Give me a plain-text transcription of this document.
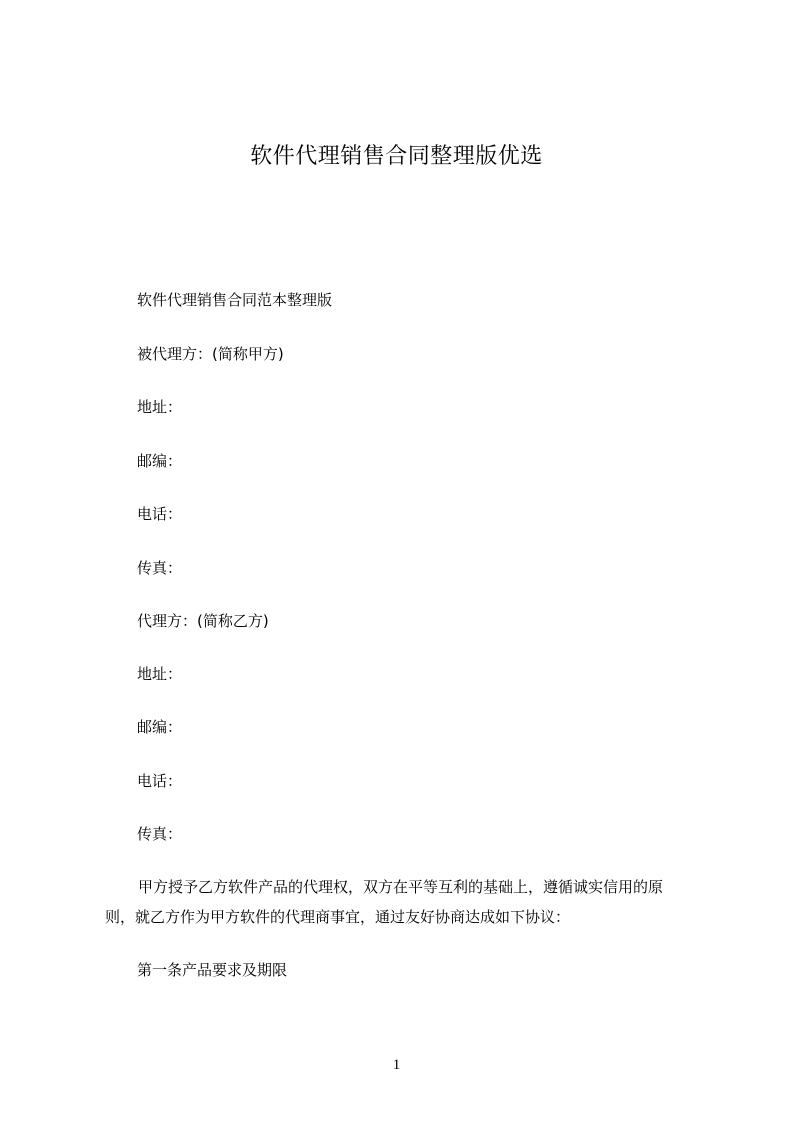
软件代理销售合同整理版优选
软件代理销售合同范本整理版
被代理方：(简称甲方)
地址：
邮编：
电话：
传真：
代理方：(简称乙方)
地址：
邮编：
电话：
传真：
甲方授予乙方软件产品的代理权，双方在平等互利的基础上，遵循诚实信用的原
则，就乙方作为甲方软件的代理商事宜，通过友好协商达成如下协议：
第一条产品要求及期限
1
